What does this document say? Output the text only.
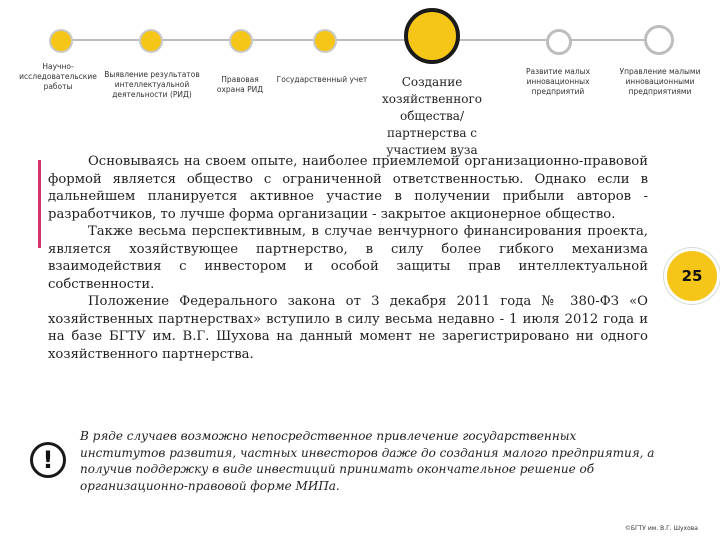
Научно-исследовательские работы
Выявление результатов интеллектуальной деятельности (РИД)
Правовая охрана РИД
Государственный учет	Создание хозяйственного общества/партнерства с участием вуза
Развитие малых инновационных предприятий
Управление малыми инновационными предприятиями

Основываясь на своем опыте, наиболее приемлемой организационно-правовой формой является общество с ограниченной ответственностью. Однако если в дальнейшем планируется активное участие в получении прибыли авторов - разработчиков, то лучше форма организации - закрытое акционерное общество.

Также весьма перспективным, в случае венчурного финансирования проекта, является хозяйствующее партнерство, в силу более гибкого механизма взаимодействия с инвестором и особой защиты прав интеллектуальной собственности.

Положение Федерального закона от 3 декабря 2011 года № 380-ФЗ «О хозяйственных партнерствах» вступило в силу весьма недавно - 1 июля 2012 года и на базе БГТУ им. В.Г. Шухова на данный момент не зарегистрировано ни одного хозяйственного партнерства.

25
!
В ряде случаев возможно непосредственное привлечение государственных институтов развития, частных инвесторов даже до создания малого предприятия, а получив поддержку в виде инвестиций принимать окончательное решение об организационно-правовой форме МИПа.
©БГТУ им. В.Г. Шухова
